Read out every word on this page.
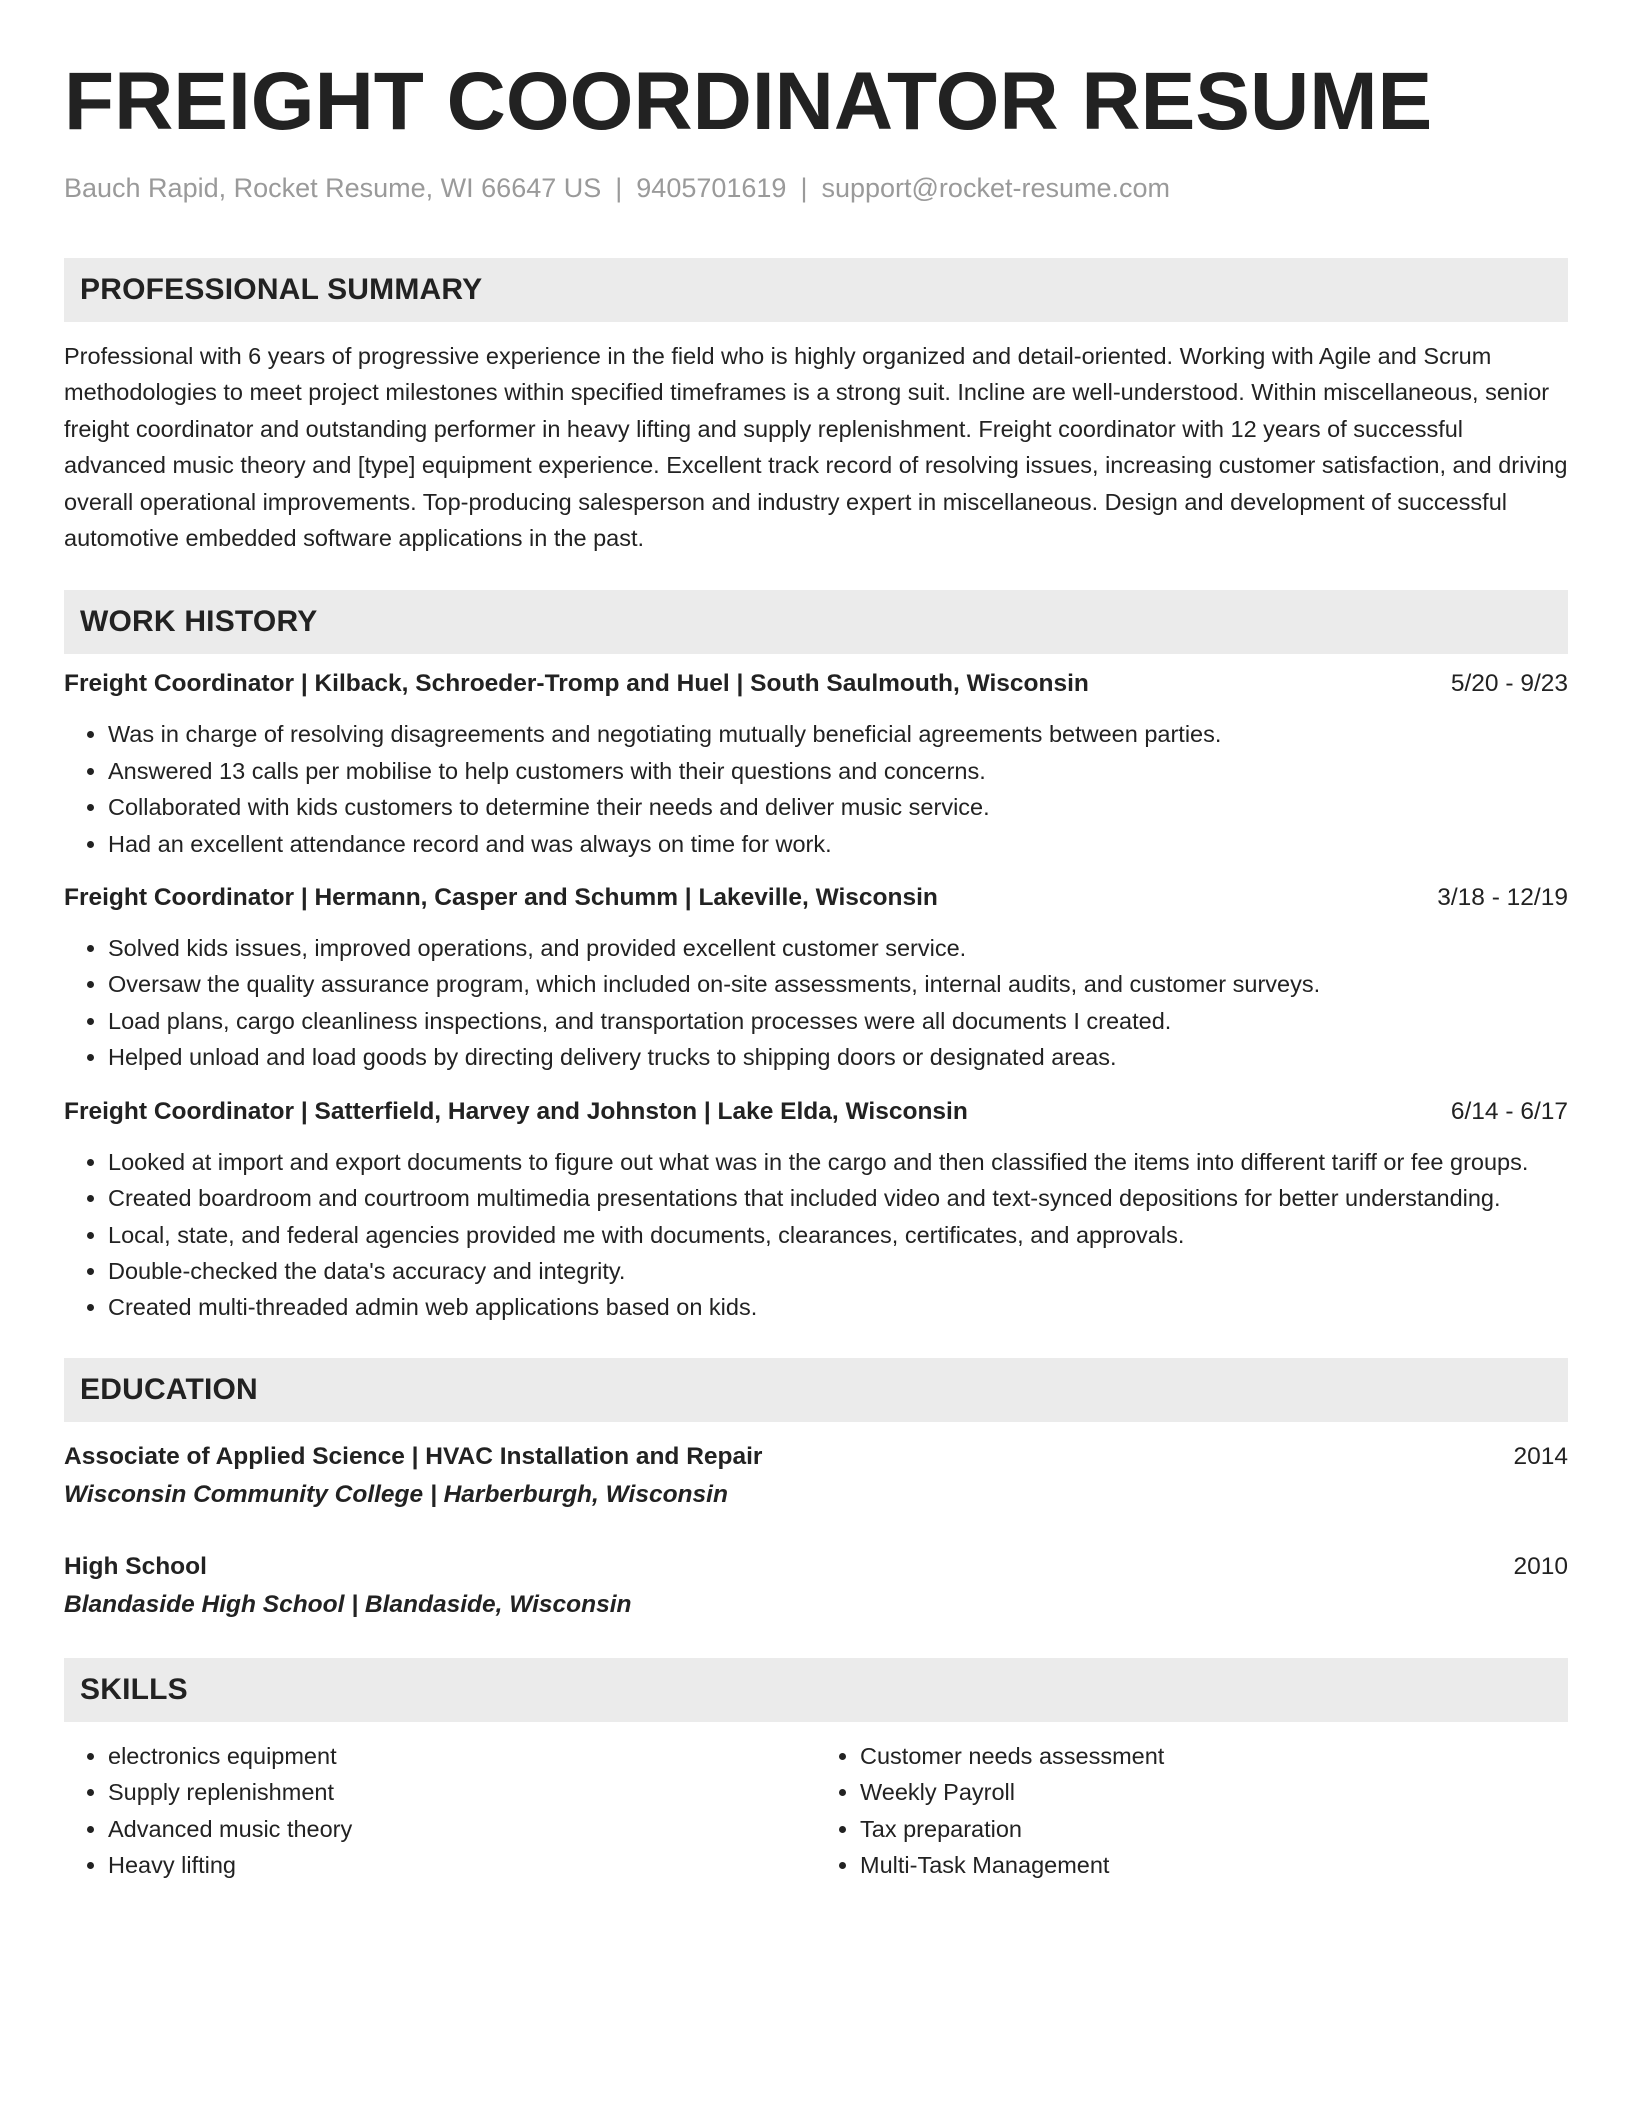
FREIGHT COORDINATOR RESUME
Bauch Rapid, Rocket Resume, WI 66647 US | 9405701619 | support@rocket-resume.com
PROFESSIONAL SUMMARY
Professional with 6 years of progressive experience in the field who is highly organized and detail-oriented. Working with Agile and Scrum methodologies to meet project milestones within specified timeframes is a strong suit. Incline are well-understood. Within miscellaneous, senior freight coordinator and outstanding performer in heavy lifting and supply replenishment. Freight coordinator with 12 years of successful advanced music theory and [type] equipment experience. Excellent track record of resolving issues, increasing customer satisfaction, and driving overall operational improvements. Top-producing salesperson and industry expert in miscellaneous. Design and development of successful automotive embedded software applications in the past.
WORK HISTORY
Freight Coordinator | Kilback, Schroeder-Tromp and Huel | South Saulmouth, Wisconsin	5/20 - 9/23
• Was in charge of resolving disagreements and negotiating mutually beneficial agreements between parties.
• Answered 13 calls per mobilise to help customers with their questions and concerns.
• Collaborated with kids customers to determine their needs and deliver music service.
• Had an excellent attendance record and was always on time for work.
Freight Coordinator | Hermann, Casper and Schumm | Lakeville, Wisconsin	3/18 - 12/19
• Solved kids issues, improved operations, and provided excellent customer service.
• Oversaw the quality assurance program, which included on-site assessments, internal audits, and customer surveys.
• Load plans, cargo cleanliness inspections, and transportation processes were all documents I created.
• Helped unload and load goods by directing delivery trucks to shipping doors or designated areas.
Freight Coordinator | Satterfield, Harvey and Johnston | Lake Elda, Wisconsin	6/14 - 6/17
• Looked at import and export documents to figure out what was in the cargo and then classified the items into different tariff or fee groups.
• Created boardroom and courtroom multimedia presentations that included video and text-synced depositions for better understanding.
• Local, state, and federal agencies provided me with documents, clearances, certificates, and approvals.
• Double-checked the data's accuracy and integrity.
• Created multi-threaded admin web applications based on kids.
EDUCATION
Associate of Applied Science | HVAC Installation and Repair	2014
Wisconsin Community College | Harberburgh, Wisconsin
High School	2010
Blandaside High School | Blandaside, Wisconsin
SKILLS
• electronics equipment
• Supply replenishment
• Advanced music theory
• Heavy lifting
• Customer needs assessment
• Weekly Payroll
• Tax preparation
• Multi-Task Management
